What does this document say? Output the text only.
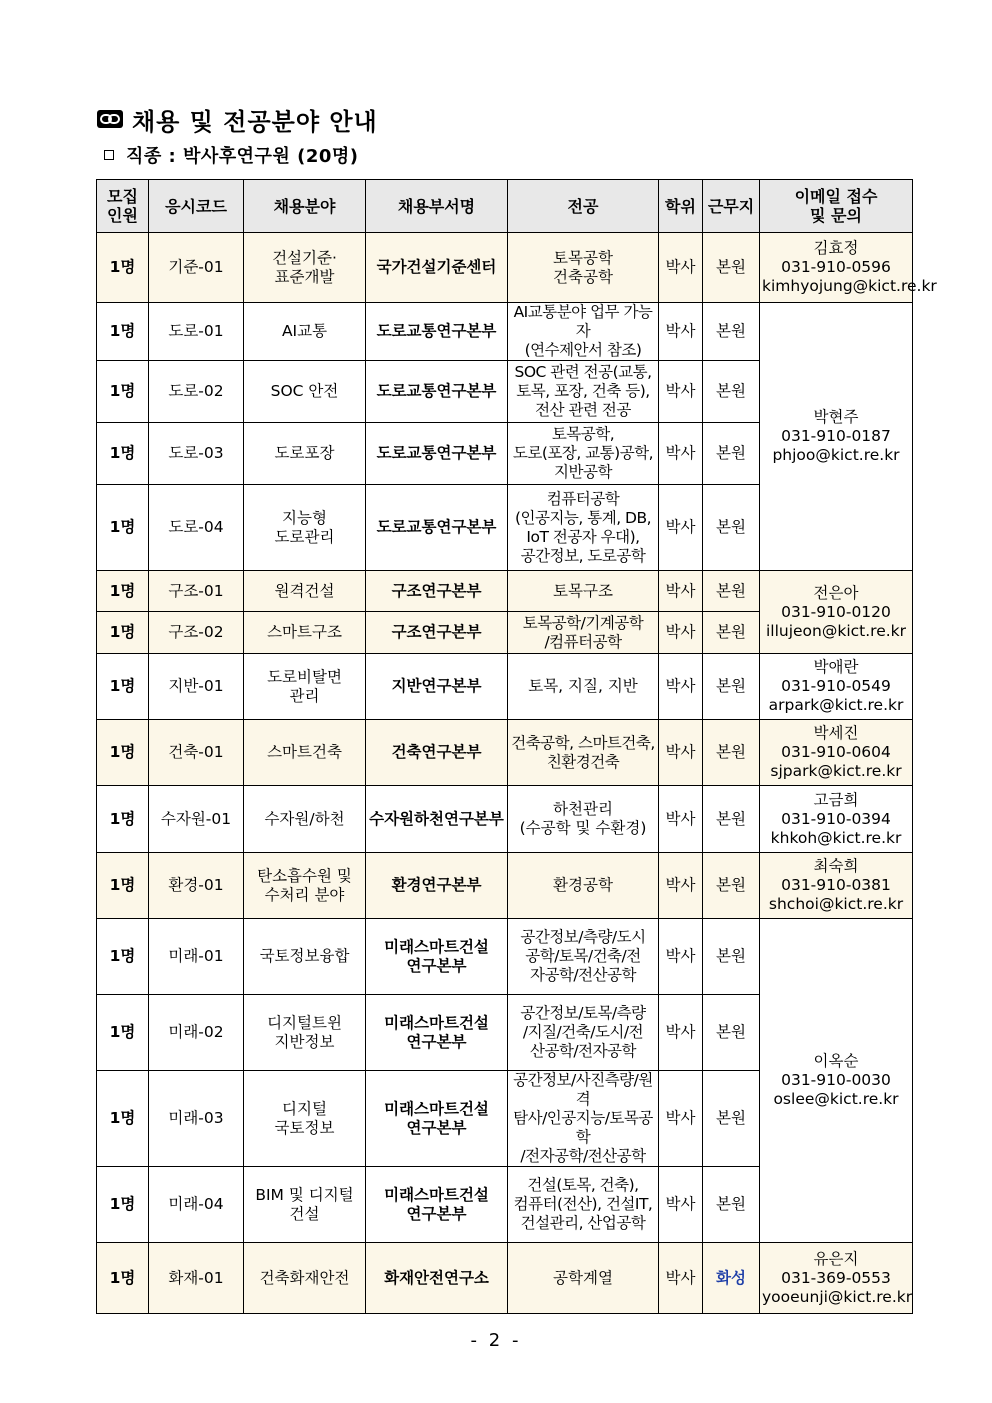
채용 및 전공분야 안내
직종 : 박사후연구원 (20명)
모집
인원	응시코드	채용분야	채용부서명	전공	학위	근무지	이메일 접수
및 문의
1명	기준-01	건설기준·
표준개발	국가건설기준센터	토목공학
건축공학	박사	본원	김효정
031-910-0596
kimhyojung@kict.re.kr
1명	도로-01	AI교통	도로교통연구본부	AI교통분야 업무 가능자
(연수제안서 참조)	박사	본원	박현주
031-910-0187
phjoo@kict.re.kr
1명	도로-02	SOC 안전	도로교통연구본부	SOC 관련 전공(교통,
토목, 포장, 건축 등),
전산 관련 전공	박사	본원	
1명	도로-03	도로포장	도로교통연구본부	토목공학,
도로(포장, 교통)공학,
지반공학	박사	본원	
1명	도로-04	지능형
도로관리	도로교통연구본부	컴퓨터공학
(인공지능, 통계, DB,
IoT 전공자 우대),
공간정보, 도로공학	박사	본원	
1명	구조-01	원격건설	구조연구본부	토목구조	박사	본원	전은아
031-910-0120
illujeon@kict.re.kr
1명	구조-02	스마트구조	구조연구본부	토목공학/기계공학
/컴퓨터공학	박사	본원	
1명	지반-01	도로비탈면
관리	지반연구본부	토목, 지질, 지반	박사	본원	박애란
031-910-0549
arpark@kict.re.kr
1명	건축-01	스마트건축	건축연구본부	건축공학, 스마트건축,
친환경건축	박사	본원	박세진
031-910-0604
sjpark@kict.re.kr
1명	수자원-01	수자원/하천	수자원하천연구본부	하천관리
(수공학 및 수환경)	박사	본원	고금희
031-910-0394
khkoh@kict.re.kr
1명	환경-01	탄소흡수원 및
수처리 분야	환경연구본부	환경공학	박사	본원	최숙희
031-910-0381
shchoi@kict.re.kr
1명	미래-01	국토정보융합	미래스마트건설
연구본부	공간정보/측량/도시
공학/토목/건축/전
자공학/전산공학	박사	본원	이옥순
031-910-0030
oslee@kict.re.kr
1명	미래-02	디지털트윈
지반정보	미래스마트건설
연구본부	공간정보/토목/측량
/지질/건축/도시/전
산공학/전자공학	박사	본원	
1명	미래-03	디지털
국토정보	미래스마트건설
연구본부	공간정보/사진측량/원격
탐사/인공지능/토목공학
/전자공학/전산공학	박사	본원	
1명	미래-04	BIM 및 디지털
건설	미래스마트건설
연구본부	건설(토목, 건축),
컴퓨터(전산), 건설IT,
건설관리, 산업공학	박사	본원	
1명	화재-01	건축화재안전	화재안전연구소	공학계열	박사	화성	유은지
031-369-0553
yooeunji@kict.re.kr
- 2 -
